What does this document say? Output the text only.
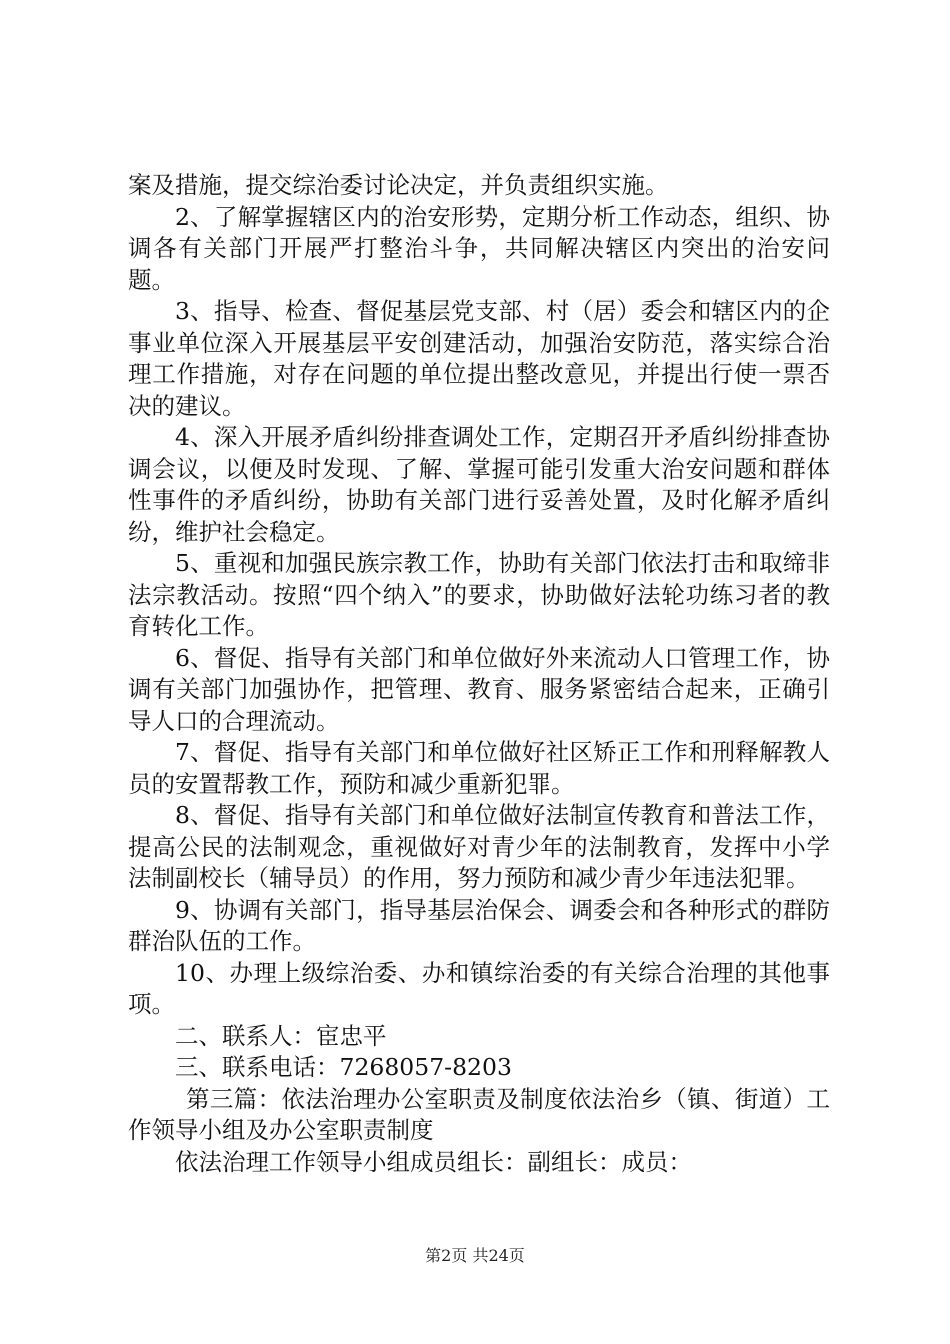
案及措施，提交综治委讨论决定，并负责组织实施。

2、了解掌握辖区内的治安形势，定期分析工作动态，组织、协调各有关部门开展严打整治斗争，共同解决辖区内突出的治安问题。

3、指导、检查、督促基层党支部、村（居）委会和辖区内的企事业单位深入开展基层平安创建活动，加强治安防范，落实综合治理工作措施，对存在问题的单位提出整改意见，并提出行使一票否决的建议。

4、深入开展矛盾纠纷排查调处工作，定期召开矛盾纠纷排查协调会议，以便及时发现、了解、掌握可能引发重大治安问题和群体性事件的矛盾纠纷，协助有关部门进行妥善处置，及时化解矛盾纠纷，维护社会稳定。

5、重视和加强民族宗教工作，协助有关部门依法打击和取缔非法宗教活动。按照“四个纳入”的要求，协助做好法轮功练习者的教育转化工作。

6、督促、指导有关部门和单位做好外来流动人口管理工作，协调有关部门加强协作，把管理、教育、服务紧密结合起来，正确引导人口的合理流动。

7、督促、指导有关部门和单位做好社区矫正工作和刑释解教人员的安置帮教工作，预防和减少重新犯罪。

8、督促、指导有关部门和单位做好法制宣传教育和普法工作，提高公民的法制观念，重视做好对青少年的法制教育，发挥中小学法制副校长（辅导员）的作用，努力预防和减少青少年违法犯罪。

9、协调有关部门，指导基层治保会、调委会和各种形式的群防群治队伍的工作。

10、办理上级综治委、办和镇综治委的有关综合治理的其他事项。

二、联系人：宦忠平

三、联系电话：7268057-8203

第三篇：依法治理办公室职责及制度依法治乡（镇、街道）工作领导小组及办公室职责制度

依法治理工作领导小组成员组长：副组长：成员：

第2页 共24页
